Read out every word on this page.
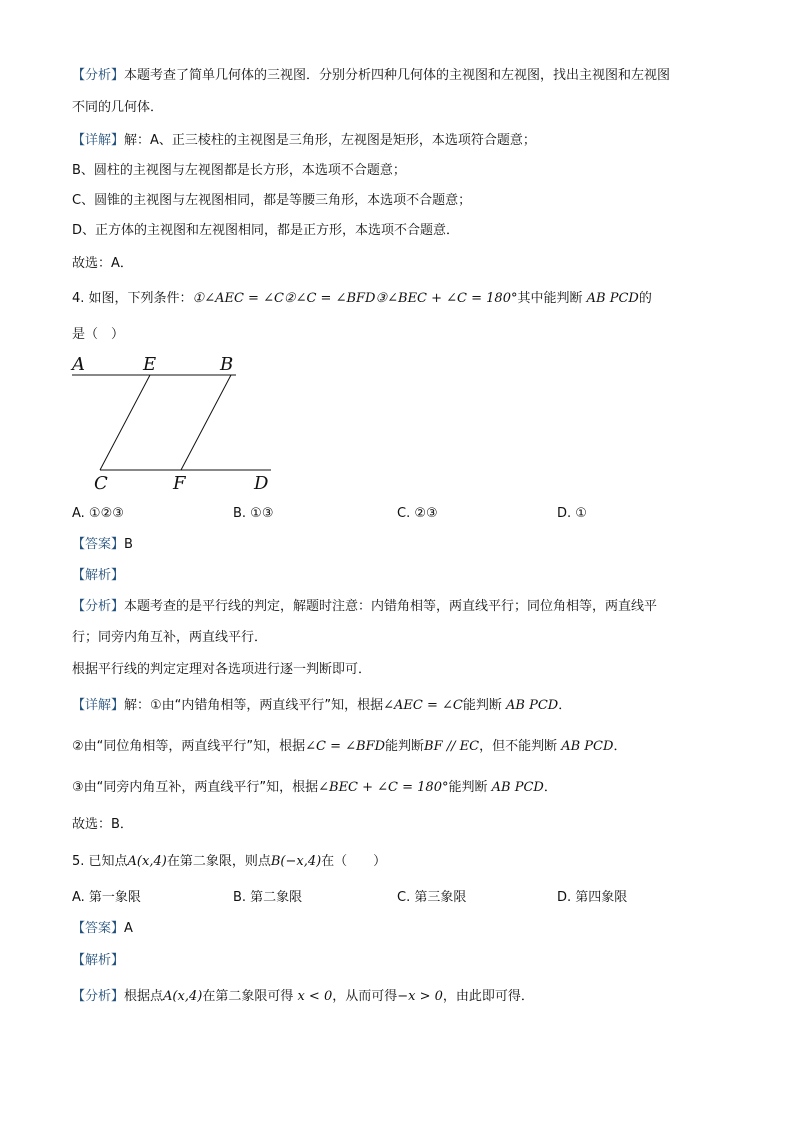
【分析】本题考查了简单几何体的三视图．分别分析四种几何体的主视图和左视图，找出主视图和左视图
不同的几何体．
【详解】解：A、正三棱柱的主视图是三角形，左视图是矩形，本选项符合题意；
B、圆柱的主视图与左视图都是长方形，本选项不合题意；
C、圆锥的主视图与左视图相同，都是等腰三角形，本选项不合题意；
D、正方体的主视图和左视图相同，都是正方形，本选项不合题意．
故选：A．
4. 如图，下列条件：①∠AEC = ∠C②∠C = ∠BFD③∠BEC + ∠C = 180°其中能判断 AB PCD的
是（　）
A	E	B
C	F	D
A. ①②③	B. ①③	C. ②③	D. ①
【答案】B
【解析】
【分析】本题考查的是平行线的判定，解题时注意：内错角相等，两直线平行；同位角相等，两直线平
行；同旁内角互补，两直线平行．
根据平行线的判定定理对各选项进行逐一判断即可．
【详解】解：①由“内错角相等，两直线平行”知，根据∠AEC = ∠C能判断 AB PCD．
②由“同位角相等，两直线平行”知，根据∠C = ∠BFD能判断BF // EC，但不能判断 AB PCD．
③由“同旁内角互补，两直线平行”知，根据∠BEC + ∠C = 180°能判断 AB PCD．
故选：B．
5. 已知点A(x,4)在第二象限，则点B(−x,4)在（　　）
A. 第一象限	B. 第二象限	C. 第三象限	D. 第四象限
【答案】A
【解析】
【分析】根据点A(x,4)在第二象限可得 x < 0，从而可得−x > 0，由此即可得．
